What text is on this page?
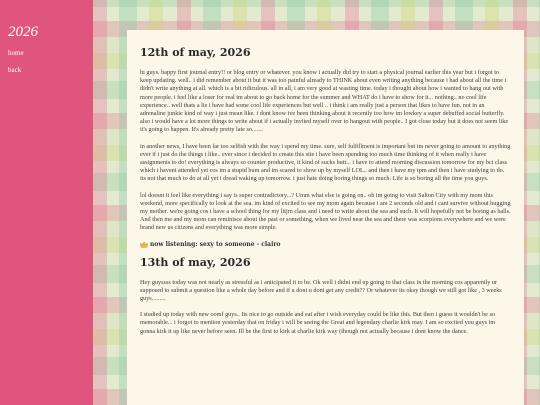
2026
home
back
12th of may, 2026

hi guys. happy first journal entry!! or blog entry or whatever. you know i actually did try to start a physical journal earlier this year but i forgot to keep updating. well.. i did remember about it but it was too painful already to THINK about even writing anything because i had about all the time i didn't write anything at all. which is a bit ridiculous. all in all, i am very good at wasting time. today i thought about how i wanted to hang out with more people. i feel like a loser for real im about to go back home for the summer and WHAT do i have to show for it... nothing.. no cool life experience.. well thats a lie i have had some cool life experiences but well .. i think i am really just a person that likes to have fun. not in an adrenaline junkie kind of way i just mean like. i dont know ive been thinking about it recently too how im lowkey a super debuffed social butterfly. also i would have a lot more things to write about if i actually invited myself over to hangout with people.. I got close today but it does not seem like it's going to happen. It's already pretty late so.......

in another news, I have been far too selfish with the way i spend my time. sure, self fulfillment is important but im never going to amount to anything ever if i just do the things i like.. ever since i decided to create this site i have been spending too much time thinking of it when really i have assignments to do! everything is always so counter productive, it kind of sucks butt... i have to attend morning discussion tomorrow for my bci class which i havent attended yet cos im a stupid bum and im scared to show up by myself LOL.. and then i have my tpm and then i have studying to do. its not that much to do at all yet i dread waking up tomorrow. i just hate doing boring things so much. Life is so boring all the time you guys.

lol doesnt it feel like everything i say is super contradictory...? Umm what else is going on.. oh im going to visit Salton City with my mom this weekend, more specifically to look at the sea. im kind of excited to see my mom again because i am 2 seconds old and i cant survive without hugging my mother. we're going cos i have a school thing for my litjrn class and i need to write about the sea and such. It will hopefully not be boring as balls. And then me and my mom can reminisce about the past or something, when we lived near the sea and there was scorpions everywhere and we were brand new us citizens and everything was more simple.

now listening: sexy to someone - clairo
13th of may, 2026

Hey guyssss today was not nearly as stressful as i anticipated it to be. Ok well i didnt end up going to that class in the morning cos apparently ur supposed to submit a question like a whole day before and if u dont u dont get any credit?? Or whatever its okay though we still got like , 3 weeks guys.........

I studied up today with new oomf guys.. Its nice to go outside and eat after i wish everyday could be like this. But then i guess it wouldn't be so memorable... i forgot to mention yesterday that on friday i will be seeing the Great and legendary charlie kirk may. I am so excited you guys im gonna kirk it up like never before seen. Ill be the first to kirk at charlie kirk way (though not actually because i dont know the dance.
